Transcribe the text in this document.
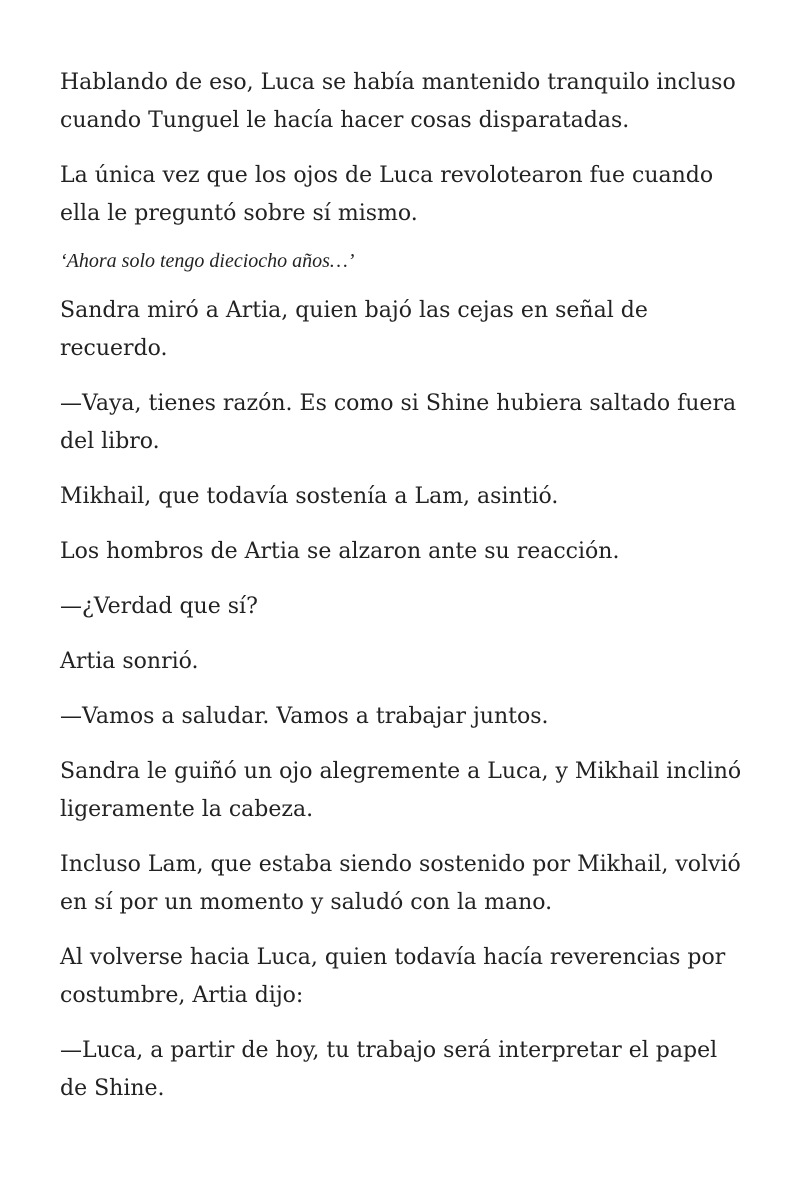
Hablando de eso, Luca se había mantenido tranquilo incluso cuando Tunguel le hacía hacer cosas disparatadas.

La única vez que los ojos de Luca revolotearon fue cuando ella le preguntó sobre sí mismo.

‘Ahora solo tengo dieciocho años…’

Sandra miró a Artia, quien bajó las cejas en señal de recuerdo.

—Vaya, tienes razón. Es como si Shine hubiera saltado fuera del libro.

Mikhail, que todavía sostenía a Lam, asintió.

Los hombros de Artia se alzaron ante su reacción.

—¿Verdad que sí?

Artia sonrió.

—Vamos a saludar. Vamos a trabajar juntos.

Sandra le guiñó un ojo alegremente a Luca, y Mikhail inclinó ligeramente la cabeza.

Incluso Lam, que estaba siendo sostenido por Mikhail, volvió en sí por un momento y saludó con la mano.

Al volverse hacia Luca, quien todavía hacía reverencias por costumbre, Artia dijo:

—Luca, a partir de hoy, tu trabajo será interpretar el papel de Shine.
